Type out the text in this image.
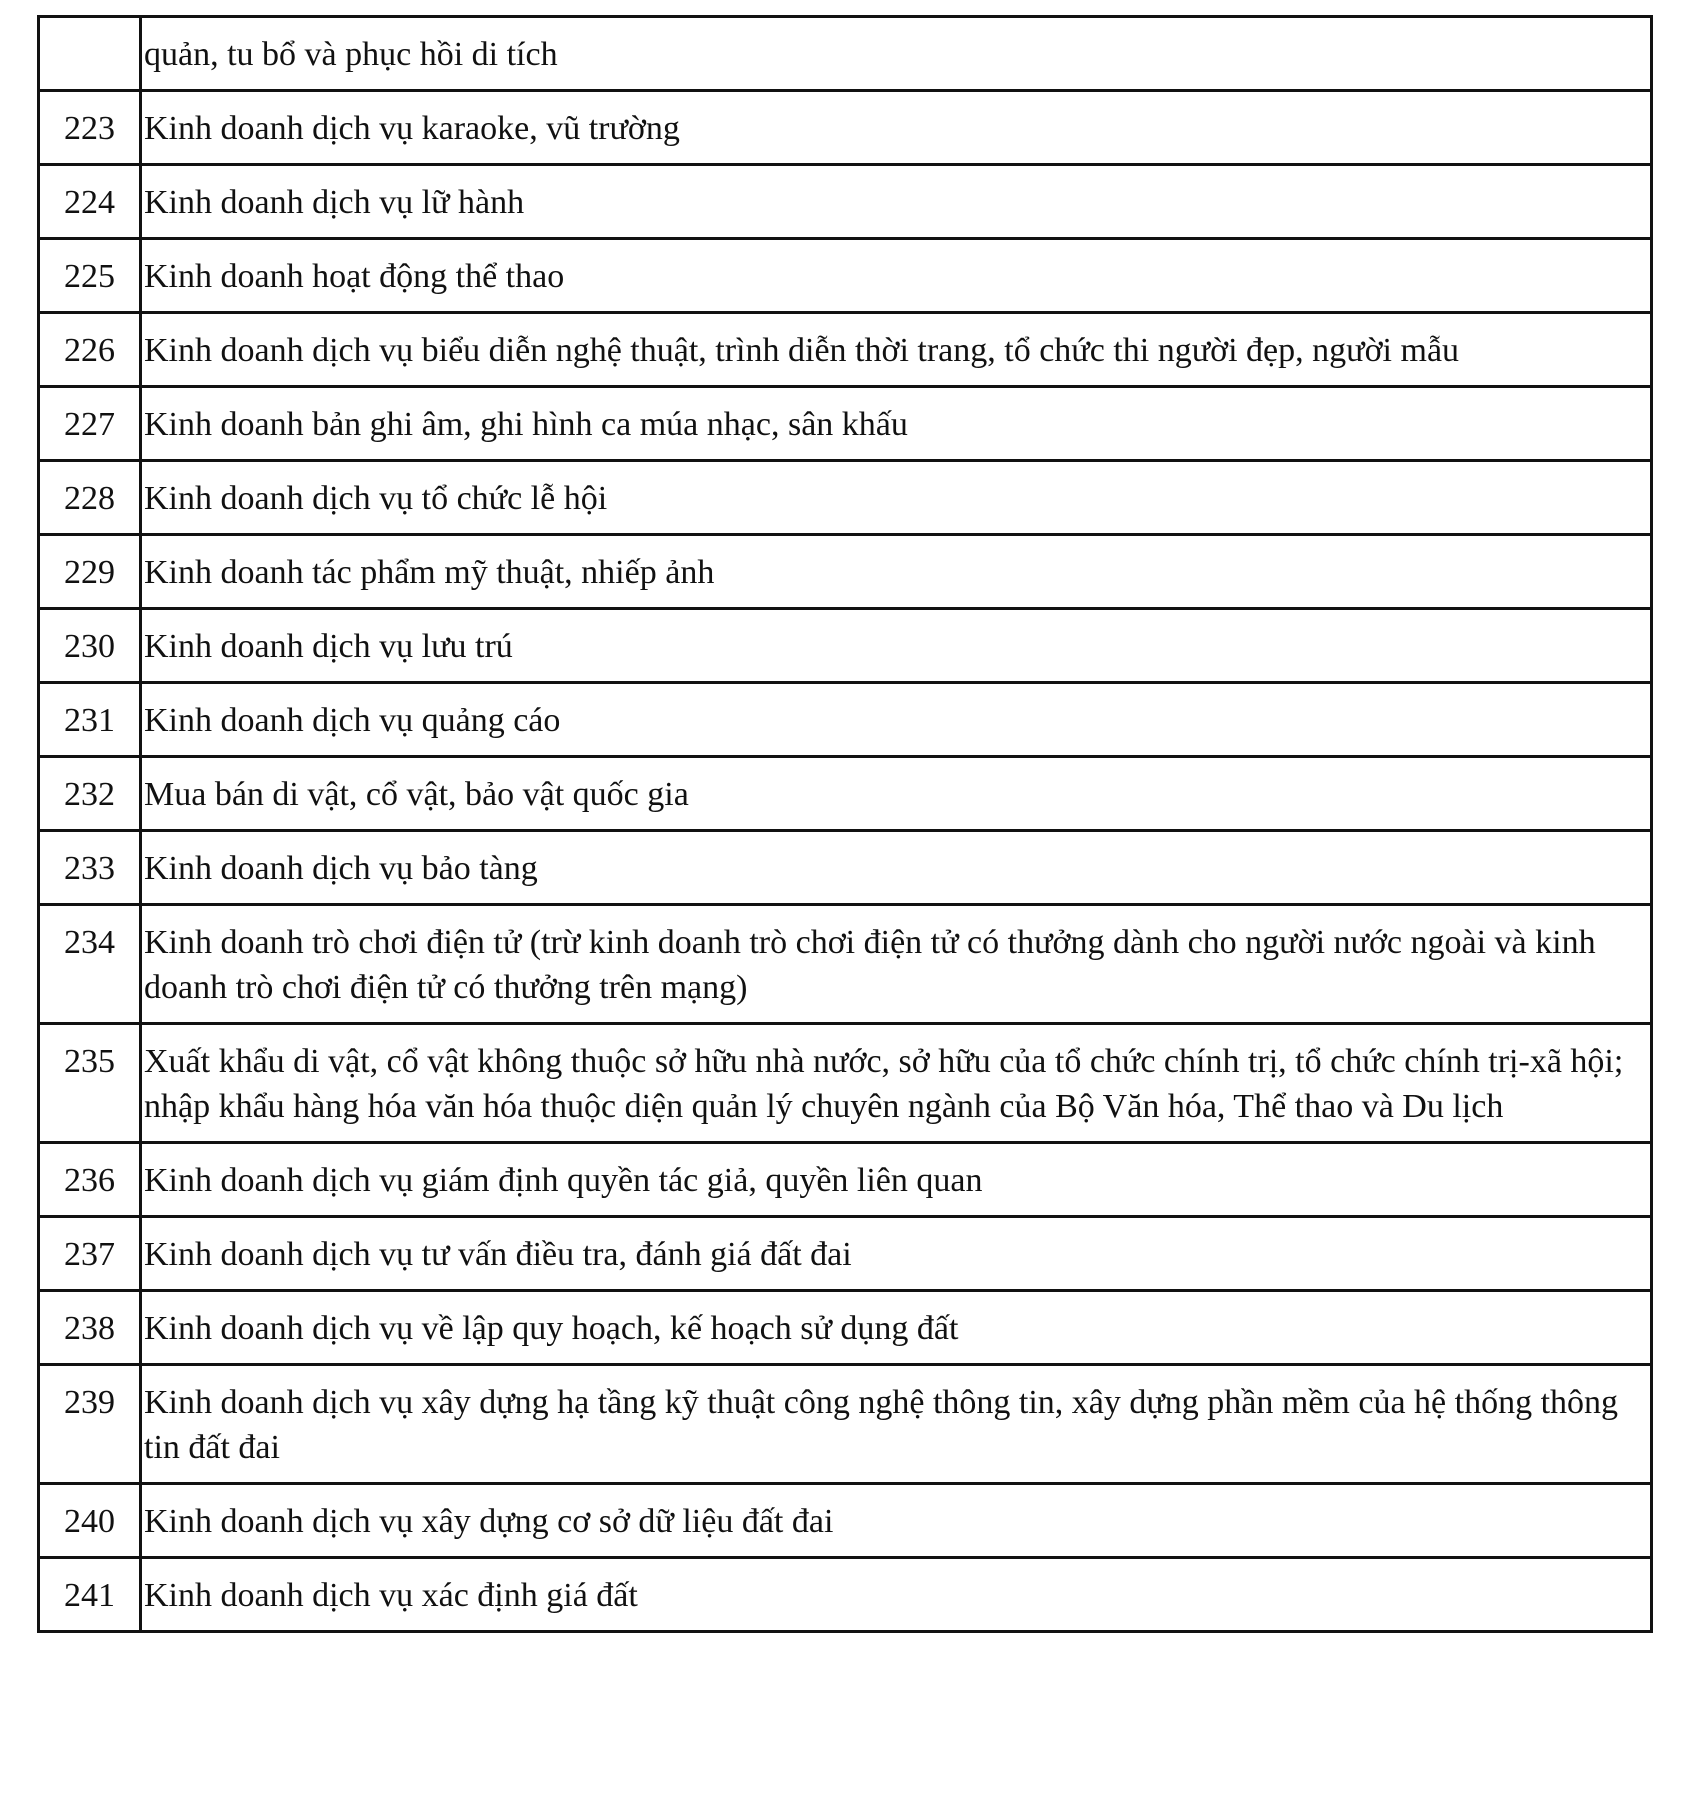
	quản, tu bổ và phục hồi di tích
223	Kinh doanh dịch vụ karaoke, vũ trường
224	Kinh doanh dịch vụ lữ hành
225	Kinh doanh hoạt động thể thao
226	Kinh doanh dịch vụ biểu diễn nghệ thuật, trình diễn thời trang, tổ chức thi người đẹp, người mẫu
227	Kinh doanh bản ghi âm, ghi hình ca múa nhạc, sân khấu
228	Kinh doanh dịch vụ tổ chức lễ hội
229	Kinh doanh tác phẩm mỹ thuật, nhiếp ảnh
230	Kinh doanh dịch vụ lưu trú
231	Kinh doanh dịch vụ quảng cáo
232	Mua bán di vật, cổ vật, bảo vật quốc gia
233	Kinh doanh dịch vụ bảo tàng
234	Kinh doanh trò chơi điện tử (trừ kinh doanh trò chơi điện tử có thưởng dành cho người nước ngoài và kinh doanh trò chơi điện tử có thưởng trên mạng)
235	Xuất khẩu di vật, cổ vật không thuộc sở hữu nhà nước, sở hữu của tổ chức chính trị, tổ chức chính trị-xã hội; nhập khẩu hàng hóa văn hóa thuộc diện quản lý chuyên ngành của Bộ Văn hóa, Thể thao và Du lịch
236	Kinh doanh dịch vụ giám định quyền tác giả, quyền liên quan
237	Kinh doanh dịch vụ tư vấn điều tra, đánh giá đất đai
238	Kinh doanh dịch vụ về lập quy hoạch, kế hoạch sử dụng đất
239	Kinh doanh dịch vụ xây dựng hạ tầng kỹ thuật công nghệ thông tin, xây dựng phần mềm của hệ thống thông tin đất đai
240	Kinh doanh dịch vụ xây dựng cơ sở dữ liệu đất đai
241	Kinh doanh dịch vụ xác định giá đất
